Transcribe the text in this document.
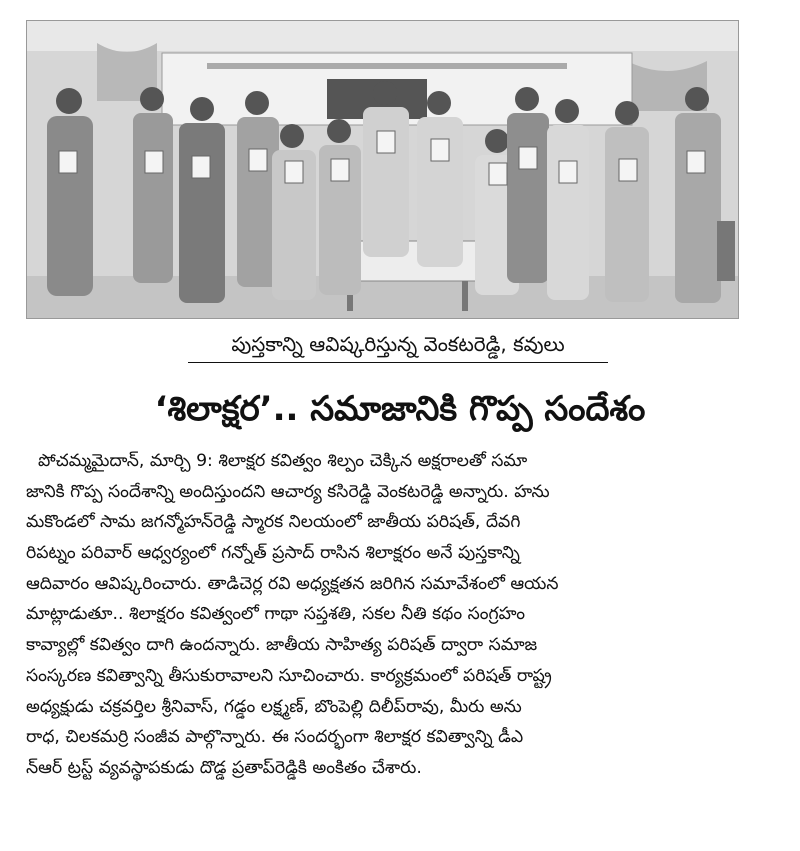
పుస్తకాన్ని ఆవిష్కరిస్తున్న వెంకటరెడ్డి, కవులు
‘శిలాక్షర’.. సమాజానికి గొప్ప సందేశం
పోచమ్మమైదాన్, మార్చి 9: శిలాక్షర కవిత్వం శిల్పం చెక్కిన అక్షరాలతో సమా
జానికి గొప్ప సందేశాన్ని అందిస్తుందని ఆచార్య కసిరెడ్డి వెంకటరెడ్డి అన్నారు. హను
మకొండలో సామ జగన్మోహన్‌రెడ్డి స్మారక నిలయంలో జాతీయ పరిషత్, దేవగి
రిపట్నం పరివార్ ఆధ్వర్యంలో గన్నోత్ ప్రసాద్ రాసిన శిలాక్షరం అనే పుస్తకాన్ని
ఆదివారం ఆవిష్కరించారు. తాడిచెర్ల రవి అధ్యక్షతన జరిగిన సమావేశంలో ఆయన
మాట్లాడుతూ.. శిలాక్షరం కవిత్వంలో గాథా సప్తశతి, సకల నీతి కథం సంగ్రహం
కావ్యాల్లో కవిత్వం దాగి ఉందన్నారు. జాతీయ సాహిత్య పరిషత్ ద్వారా సమాజ
సంస్కరణ కవిత్వాన్ని తీసుకురావాలని సూచించారు. కార్యక్రమంలో పరిషత్ రాష్ట్ర
అధ్యక్షుడు చక్రవర్తిల శ్రీనివాస్, గడ్డం లక్ష్మణ్, బొంపెల్లి దిలీప్‌రావు, మీరు అను
రాధ, చిలకమర్రి సంజీవ పాల్గొన్నారు. ఈ సందర్భంగా శిలాక్షర కవిత్వాన్ని డీఎ
న్‌ఆర్ ట్రస్ట్ వ్యవస్థాపకుడు దొడ్డ ప్రతాప్‌రెడ్డికి అంకితం చేశారు.
